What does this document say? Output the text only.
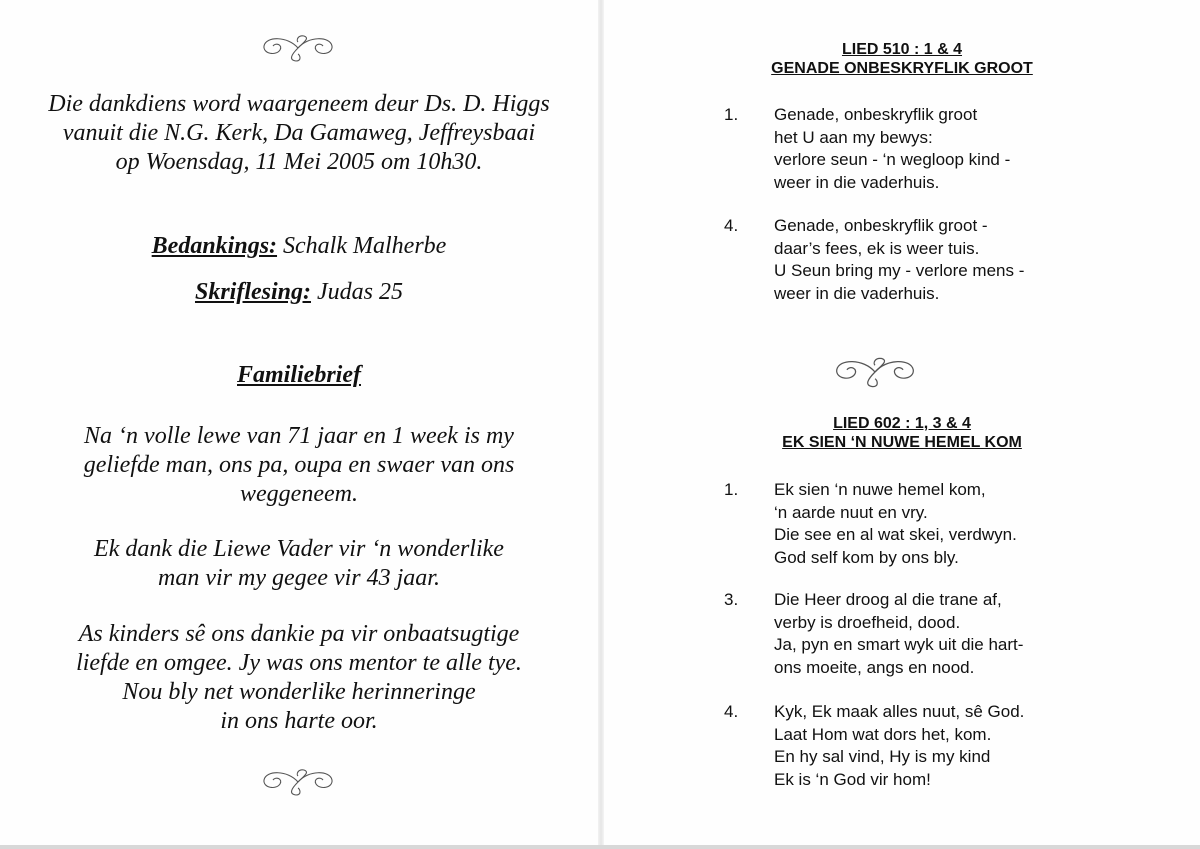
Die dankdiens word waargeneem deur Ds. D. Higgs
vanuit die N.G. Kerk, Da Gamaweg, Jeffreysbaai
op Woensdag, 11 Mei 2005 om 10h30.
Bedankings: Schalk Malherbe
Skriflesing: Judas 25
Familiebrief
Na ‘n volle lewe van 71 jaar en 1 week is my
geliefde man, ons pa, oupa en swaer van ons
weggeneem.
Ek dank die Liewe Vader vir ‘n wonderlike
man vir my gegee vir 43 jaar.
As kinders sê ons dankie pa vir onbaatsugtige
liefde en omgee. Jy was ons mentor te alle tye.
Nou bly net wonderlike herinneringe
in ons harte oor.
LIED 510 : 1 & 4
GENADE ONBESKRYFLIK GROOT
1. Genade, onbeskryflik groot
het U aan my bewys:
verlore seun - ‘n wegloop kind -
weer in die vaderhuis.
4. Genade, onbeskryflik groot -
daar’s fees, ek is weer tuis.
U Seun bring my - verlore mens -
weer in die vaderhuis.
LIED 602 : 1, 3 & 4
EK SIEN ‘N NUWE HEMEL KOM
1. Ek sien ‘n nuwe hemel kom,
‘n aarde nuut en vry.
Die see en al wat skei, verdwyn.
God self kom by ons bly.
3. Die Heer droog al die trane af,
verby is droefheid, dood.
Ja, pyn en smart wyk uit die hart-
ons moeite, angs en nood.
4. Kyk, Ek maak alles nuut, sê God.
Laat Hom wat dors het, kom.
En hy sal vind, Hy is my kind
Ek is ‘n God vir hom!
